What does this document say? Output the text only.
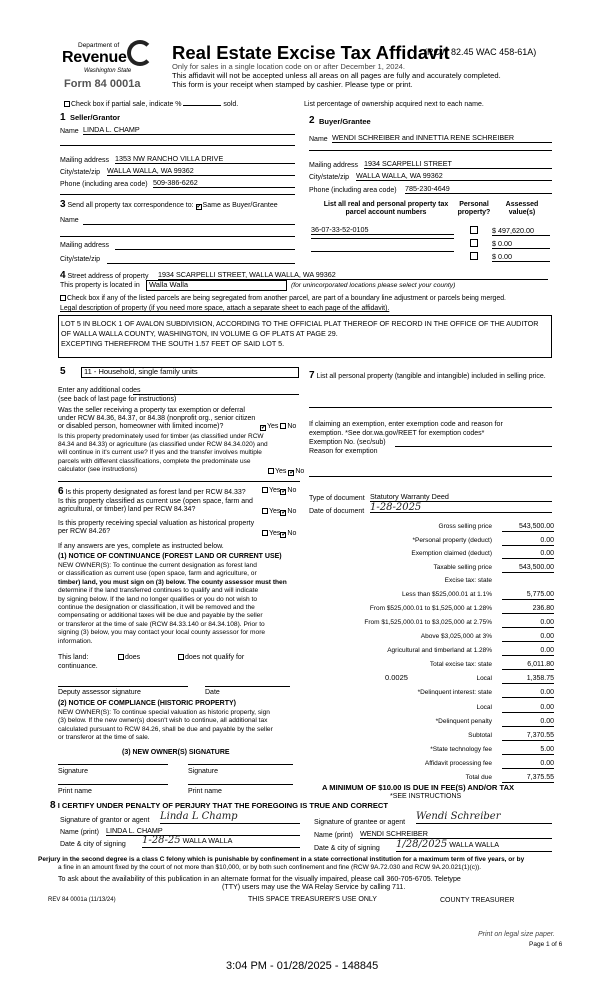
Department of
Revenue
Washington State
Form 84 0001a
Real Estate Excise Tax Affidavit
(RCW 82.45 WAC 458-61A)
Only for sales in a single location code on or after December 1, 2024.
This affidavit will not be accepted unless all areas on all pages are fully and accurately completed.
This form is your receipt when stamped by cashier. Please type or print.
Check box if partial sale, indicate %	sold.	List percentage of ownership acquired next to each name.
1 Seller/Grantor
Name LINDA L. CHAMP
Mailing address 1353 NW RANCHO VILLA DRIVE
City/state/zip WALLA WALLA, WA 99362
Phone (including area code) 509-386-6262
2 Buyer/Grantee
Name WENDI SCHREIBER and INNETTIA RENE SCHREIBER
Mailing address 1934 SCARPELLI STREET
City/state/zip WALLA WALLA, WA 99362
Phone (including area code) 785-230-4649
3 Send all property tax correspondence to: ✔Same as Buyer/Grantee
Name
Mailing address
City/state/zip
List all real and personal property tax
parcel account numbers
Personal
property?
Assessed
value(s)
36-07-33-52-0105	$ 497,620.00
$ 0.00
$ 0.00
4 Street address of property 1934 SCARPELLI STREET, WALLA WALLA, WA 99362
This property is located in	Walla Walla	(for unincorporated locations please select your county)
Check box if any of the listed parcels are being segregated from another parcel, are part of a boundary line adjustment or parcels being merged.
Legal description of property (if you need more space, attach a separate sheet to each page of the affidavit).
LOT 5 IN BLOCK 1 OF AVALON SUBDIVISION, ACCORDING TO THE OFFICIAL PLAT THEREOF OF RECORD IN THE OFFICE OF THE AUDITOR OF WALLA WALLA COUNTY, WASHINGTON, IN VOLUME G OF PLATS AT PAGE 29.
EXCEPTING THEREFROM THE SOUTH 1.57 FEET OF SAID LOT 5.
5	11 - Household, single family units
Enter any additional codes
(see back of last page for instructions)
Was the seller receiving a property tax exemption or deferral under RCW 84.36, 84.37, or 84.38 (nonprofit org., senior citizen or disabled person, homeowner with limited income)?	✔Yes No
Is this property predominately used for timber (as classified under RCW 84.34 and 84.33) or agriculture (as classified under RCW 84.34.020) and will continue in it's current use? If yes and the transfer involves multiple parcels with different classifications, complete the predominate use calculator (see instructions)	Yes ✔No
6 Is this property designated as forest land per RCW 84.33?	Yes✔No
Is this property classified as current use (open space, farm and agricultural, or timber) land per RCW 84.34?	Yes✔No
Is this property receiving special valuation as historical property per RCW 84.26?	Yes✔No
If any answers are yes, complete as instructed below.
(1) NOTICE OF CONTINUANCE (FOREST LAND OR CURRENT USE)
NEW OWNER(S): To continue the current designation as forest land
or classification as current use (open space, farm and agriculture, or
timber) land, you must sign on (3) below. The county assessor must then
determine if the land transferred continues to qualify and will indicate
by signing below. If the land no longer qualifies or you do not wish to
continue the designation or classification, it will be removed and the
compensating or additional taxes will be due and payable by the seller
or transferor at the time of sale (RCW 84.33.140 or 84.34.108). Prior to
signing (3) below, you may contact your local county assessor for more
information.
This land:	does	does not qualify for
continuance.
Deputy assessor signature	Date
(2) NOTICE OF COMPLIANCE (HISTORIC PROPERTY)
NEW OWNER(S): To continue special valuation as historic property, sign
(3) below. If the new owner(s) doesn't wish to continue, all additional tax
calculated pursuant to RCW 84.26, shall be due and payable by the seller
or transferor at the time of sale.
(3) NEW OWNER(S) SIGNATURE
Signature	Signature
Print name	Print name
7 List all personal property (tangible and intangible) included in selling price.
If claiming an exemption, enter exemption code and reason for
exemption. *See dor.wa.gov/REET for exemption codes*
Exemption No. (sec/sub)
Reason for exemption
Type of document Statutory Warranty Deed
Date of document 1-28-2025
Gross selling price	543,500.00
*Personal property (deduct)	0.00
Exemption claimed (deduct)	0.00
Taxable selling price	543,500.00
Excise tax: state
Less than $525,000.01 at 1.1%	5,775.00
From $525,000.01 to $1,525,000 at 1.28%	236.80
From $1,525,000.01 to $3,025,000 at 2.75%	0.00
Above $3,025,000 at 3%	0.00
Agricultural and timberland at 1.28%	0.00
Total excise tax: state	6,011.80
0.0025	Local	1,358.75
*Delinquent interest: state	0.00
Local	0.00
*Delinquent penalty	0.00
Subtotal	7,370.55
*State technology fee	5.00
Affidavit processing fee	0.00
Total due	7,375.55
A MINIMUM OF $10.00 IS DUE IN FEE(S) AND/OR TAX
*SEE INSTRUCTIONS
8 I CERTIFY UNDER PENALTY OF PERJURY THAT THE FOREGOING IS TRUE AND CORRECT
Signature of grantor or agent Linda L Champ
Name (print) LINDA L. CHAMP
Date & city of signing 1-28-25 WALLA WALLA
Signature of grantee or agent
Wendi Schreiber
Name (print) WENDI SCHREIBER
Date & city of signing 1/28/2025 WALLA WALLA
Perjury in the second degree is a class C felony which is punishable by confinement in a state correctional institution for a maximum term of five years, or by
a fine in an amount fixed by the court of not more than $10,000, or by both such confinement and fine (RCW 9A.72.030 and RCW 9A.20.021(1)(c)).
To ask about the availability of this publication in an alternate format for the visually impaired, please call 360-705-6705. Teletype
(TTY) users may use the WA Relay Service by calling 711.
REV 84 0001a (11/13/24)	THIS SPACE TREASURER'S USE ONLY	COUNTY TREASURER
Print on legal size paper.
Page 1 of 6
3:04 PM - 01/28/2025 - 148845
